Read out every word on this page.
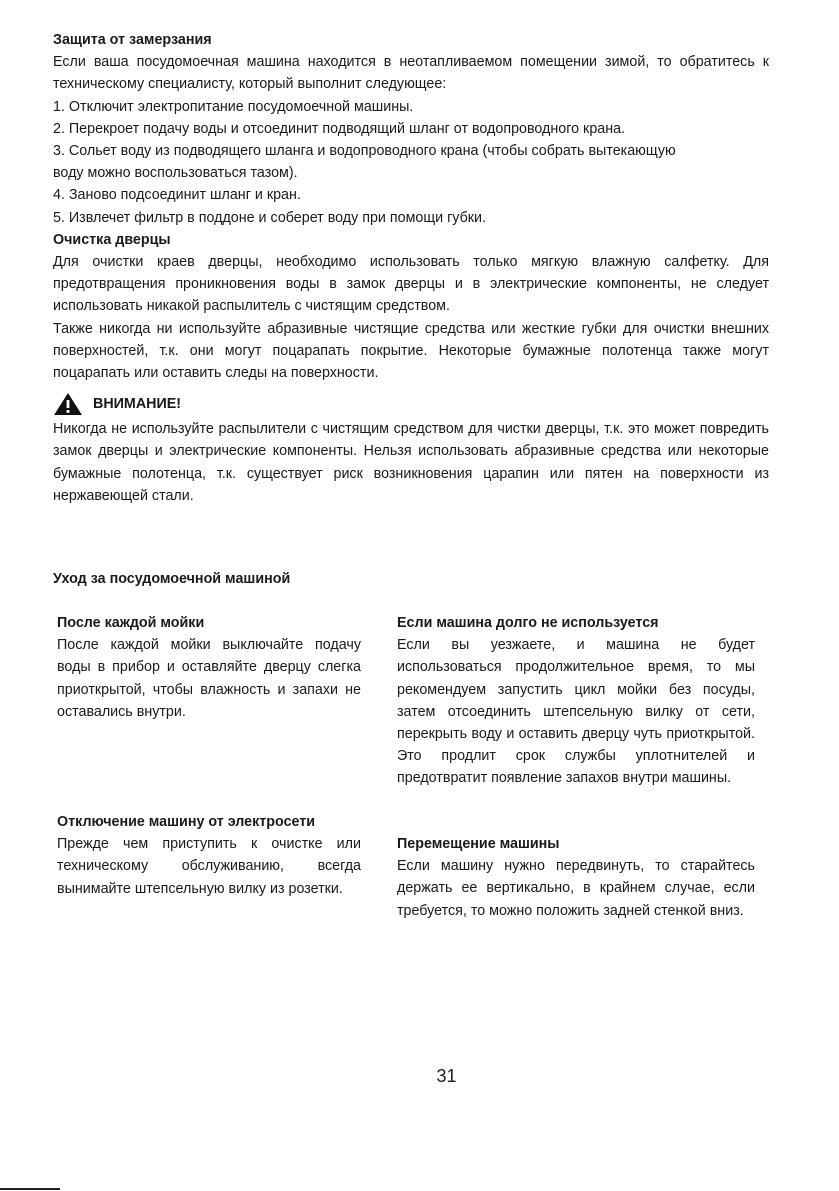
Защита от замерзания

Если ваша посудомоечная машина находится в неотапливаемом помещении зимой, то обратитесь к техническому специалисту, который выполнит следующее:

1. Отключит электропитание посудомоечной машины.

2. Перекроет подачу воды и отсоединит подводящий шланг от водопроводного крана.

3. Сольет воду из подводящего шланга и водопроводного крана (чтобы собрать вытекающую воду можно воспользоваться тазом).

4. Заново подсоединит шланг и кран.

5. Извлечет фильтр в поддоне и соберет воду при помощи губки.

Очистка дверцы

Для очистки краев дверцы, необходимо использовать только мягкую влажную салфетку. Для предотвращения проникновения воды в замок дверцы и в электрические компоненты, не следует использовать никакой распылитель с чистящим средством.

Также никогда ни используйте абразивные чистящие средства или жесткие губки для очистки внешних поверхностей, т.к. они могут поцарапать покрытие. Некоторые бумажные полотенца также могут поцарапать или оставить следы на поверхности.

ВНИМАНИЕ!

Никогда не используйте распылители с чистящим средством для чистки дверцы, т.к. это может повредить замок дверцы и электрические компоненты. Нельзя использовать абразивные средства или некоторые бумажные полотенца, т.к. существует риск возникновения царапин или пятен на поверхности из нержавеющей стали.

Уход за посудомоечной машиной

После каждой мойки

После каждой мойки выключайте подачу воды в прибор и оставляйте дверцу слегка приоткрытой, чтобы влажность и запахи не оставались внутри.

Если машина долго не используется

Если вы уезжаете, и машина не будет использоваться продолжительное время, то мы рекомендуем запустить цикл мойки без посуды, затем отсоединить штепсельную вилку от сети, перекрыть воду и оставить дверцу чуть приоткрытой. Это продлит срок службы уплотнителей и предотвратит появление запахов внутри машины.

Отключение машину от электросети

Прежде чем приступить к очистке или техническому обслуживанию, всегда вынимайте штепсельную вилку из розетки.

Перемещение машины

Если машину нужно передвинуть, то старайтесь держать ее вертикально, в крайнем случае, если требуется, то можно положить задней стенкой вниз.

31
